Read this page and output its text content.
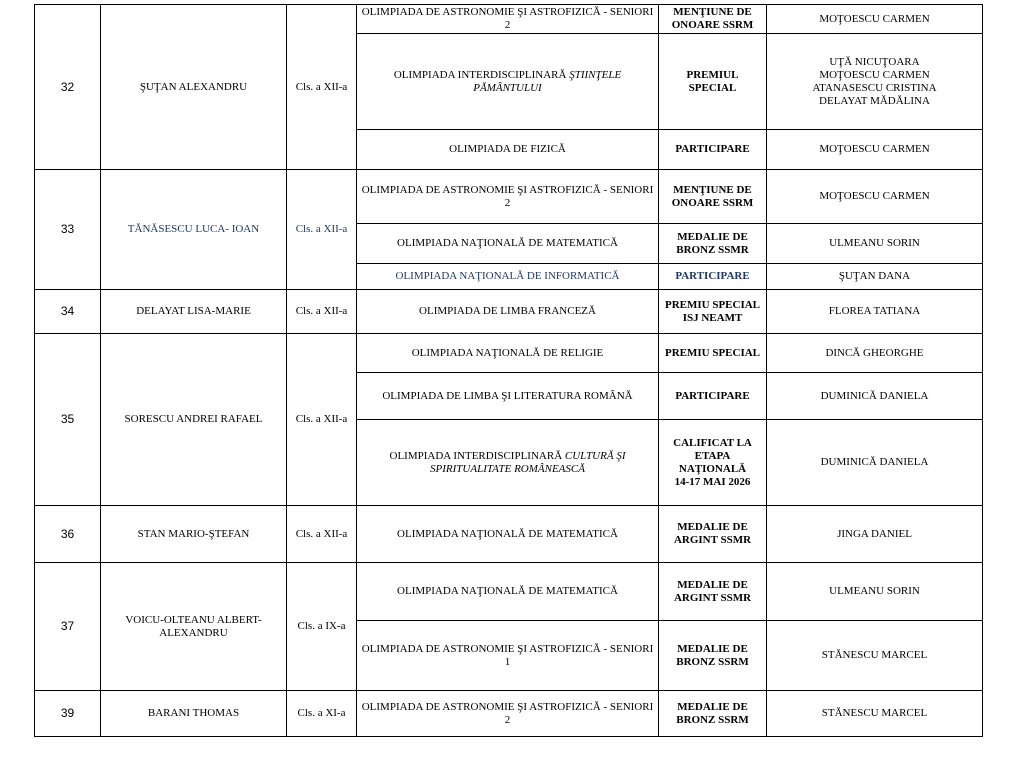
32	ŞUŢAN ALEXANDRU	Cls. a XII-a	OLIMPIADA DE ASTRONOMIE ŞI ASTROFIZICĂ - SENIORI 2	MENŢIUNE DE ONOARE SSRM	MOŢOESCU CARMEN
			OLIMPIADA INTERDISCIPLINARĂ ŞTIINŢELE PĂMÂNTULUI	PREMIUL SPECIAL	UŢĂ NICUŢOARA
MOŢOESCU CARMEN
ATANASESCU CRISTINA
DELAYAT MĂDĂLINA

			OLIMPIADA DE FIZICĂ	PARTICIPARE	MOŢOESCU CARMEN
33	TĂNĂSESCU LUCA- IOAN	Cls. a XII-a	OLIMPIADA DE ASTRONOMIE ŞI ASTROFIZICĂ - SENIORI 2	MENŢIUNE DE ONOARE SSRM	MOŢOESCU CARMEN
			OLIMPIADA NAŢIONALĂ DE MATEMATICĂ	MEDALIE DE BRONZ SSMR	ULMEANU SORIN
			OLIMPIADA NAŢIONALĂ DE INFORMATICĂ	PARTICIPARE	ŞUŢAN DANA
34	DELAYAT LISA-MARIE	Cls. a XII-a	OLIMPIADA DE LIMBA FRANCEZĂ	PREMIU SPECIAL ISJ NEAMT	FLOREA TATIANA
35	SORESCU ANDREI RAFAEL	Cls. a XII-a	OLIMPIADA NAŢIONALĂ DE RELIGIE	PREMIU SPECIAL	DINCĂ GHEORGHE
			OLIMPIADA DE LIMBA ŞI LITERATURA ROMÂNĂ	PARTICIPARE	DUMINICĂ DANIELA
			OLIMPIADA INTERDISCIPLINARĂ CULTURĂ ŞI SPIRITUALITATE ROMÂNEASCĂ	CALIFICAT LA
ETAPA
NAŢIONALĂ
14-17 MAI 2026	DUMINICĂ DANIELA
36	STAN MARIO-ŞTEFAN	Cls. a XII-a	OLIMPIADA NAŢIONALĂ DE MATEMATICĂ	MEDALIE DE ARGINT SSMR	JINGA DANIEL
37	VOICU-OLTEANU ALBERT-ALEXANDRU	Cls. a IX-a	OLIMPIADA NAŢIONALĂ DE MATEMATICĂ	MEDALIE DE ARGINT SSMR	ULMEANU SORIN
			OLIMPIADA DE ASTRONOMIE ŞI ASTROFIZICĂ - SENIORI 1	MEDALIE DE BRONZ SSRM	STĂNESCU MARCEL
39	BARANI THOMAS	Cls. a XI-a	OLIMPIADA DE ASTRONOMIE ŞI ASTROFIZICĂ - SENIORI 2	MEDALIE DE BRONZ SSRM	STĂNESCU MARCEL
